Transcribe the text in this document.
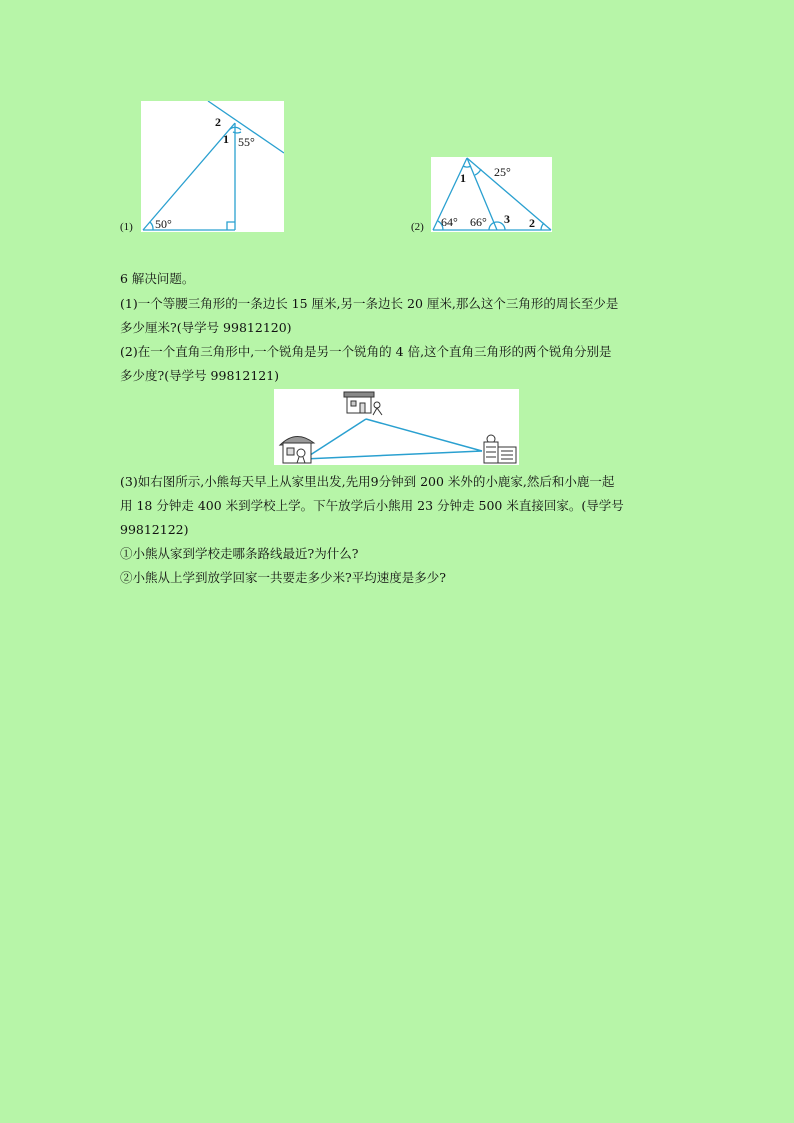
(1) 50°
55°
1
2
(2) 64° 66°
25°
1
2
3
6 解决问题。
(1)一个等腰三角形的一条边长 15 厘米,另一条边长 20 厘米,那么这个三角形的周长至少是
多少厘米?(导学号 99812120)
(2)在一个直角三角形中,一个锐角是另一个锐角的 4 倍,这个直角三角形的两个锐角分别是
多少度?(导学号 99812121)
(3)如右图所示,小熊每天早上从家里出发,先用9分钟到 200 米外的小鹿家,然后和小鹿一起
用 18 分钟走 400 米到学校上学。下午放学后小熊用 23 分钟走 500 米直接回家。(导学号
99812122)
①小熊从家到学校走哪条路线最近?为什么?
②小熊从上学到放学回家一共要走多少米?平均速度是多少?
